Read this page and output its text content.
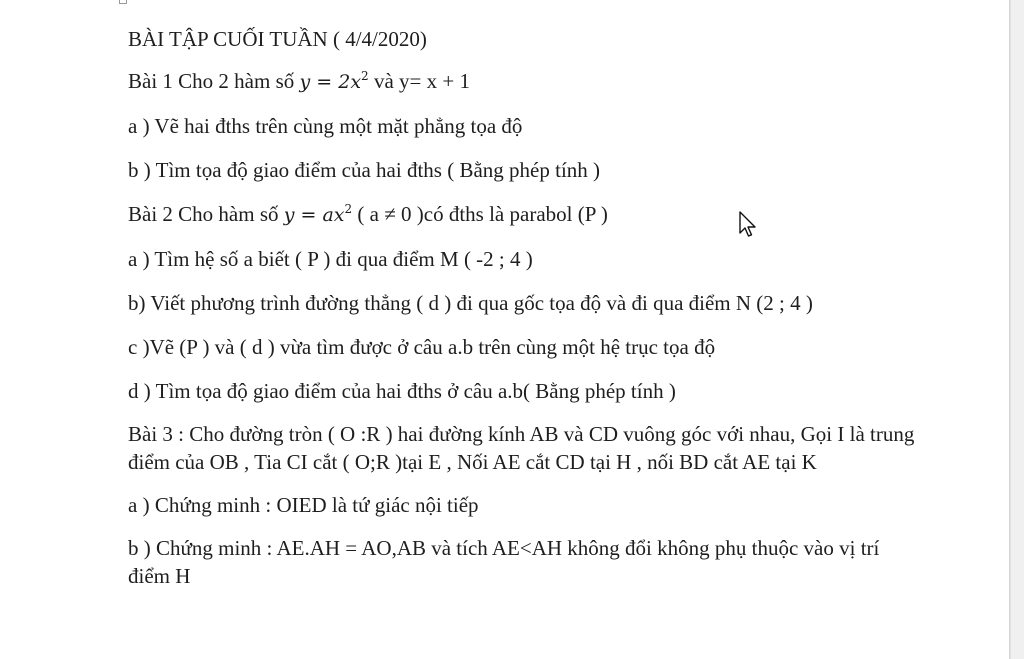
BÀI TẬP CUỐI TUẦN ( 4/4/2020)

Bài 1 Cho 2 hàm số $y = 2x^2$ và y= x + 1

a ) Vẽ hai đths trên cùng một mặt phẳng tọa độ

b ) Tìm tọa độ giao điểm của hai đths ( Bằng phép tính )

Bài 2 Cho hàm số $y = ax^2$ ( a ≠ 0 )có đths là parabol (P )

a ) Tìm hệ số a biết ( P ) đi qua điểm M ( -2 ; 4 )

b) Viết phương trình đường thẳng ( d ) đi qua gốc tọa độ và đi qua điểm N (2 ; 4 )

c )Vẽ (P ) và ( d ) vừa tìm được ở câu a.b trên cùng một hệ trục tọa độ

d ) Tìm tọa độ giao điểm của hai đths ở câu a.b( Bằng phép tính )

Bài 3 : Cho đường tròn ( O :R ) hai đường kính AB và CD vuông góc với nhau, Gọi I là trung điểm của OB , Tia CI cắt ( O;R )tại E , Nối AE cắt CD tại H , nối BD cắt AE tại K

a ) Chứng minh : OIED là tứ giác nội tiếp

b ) Chứng minh : AE.AH = AO,AB và tích AE<AH không đổi không phụ thuộc vào vị trí điểm H
